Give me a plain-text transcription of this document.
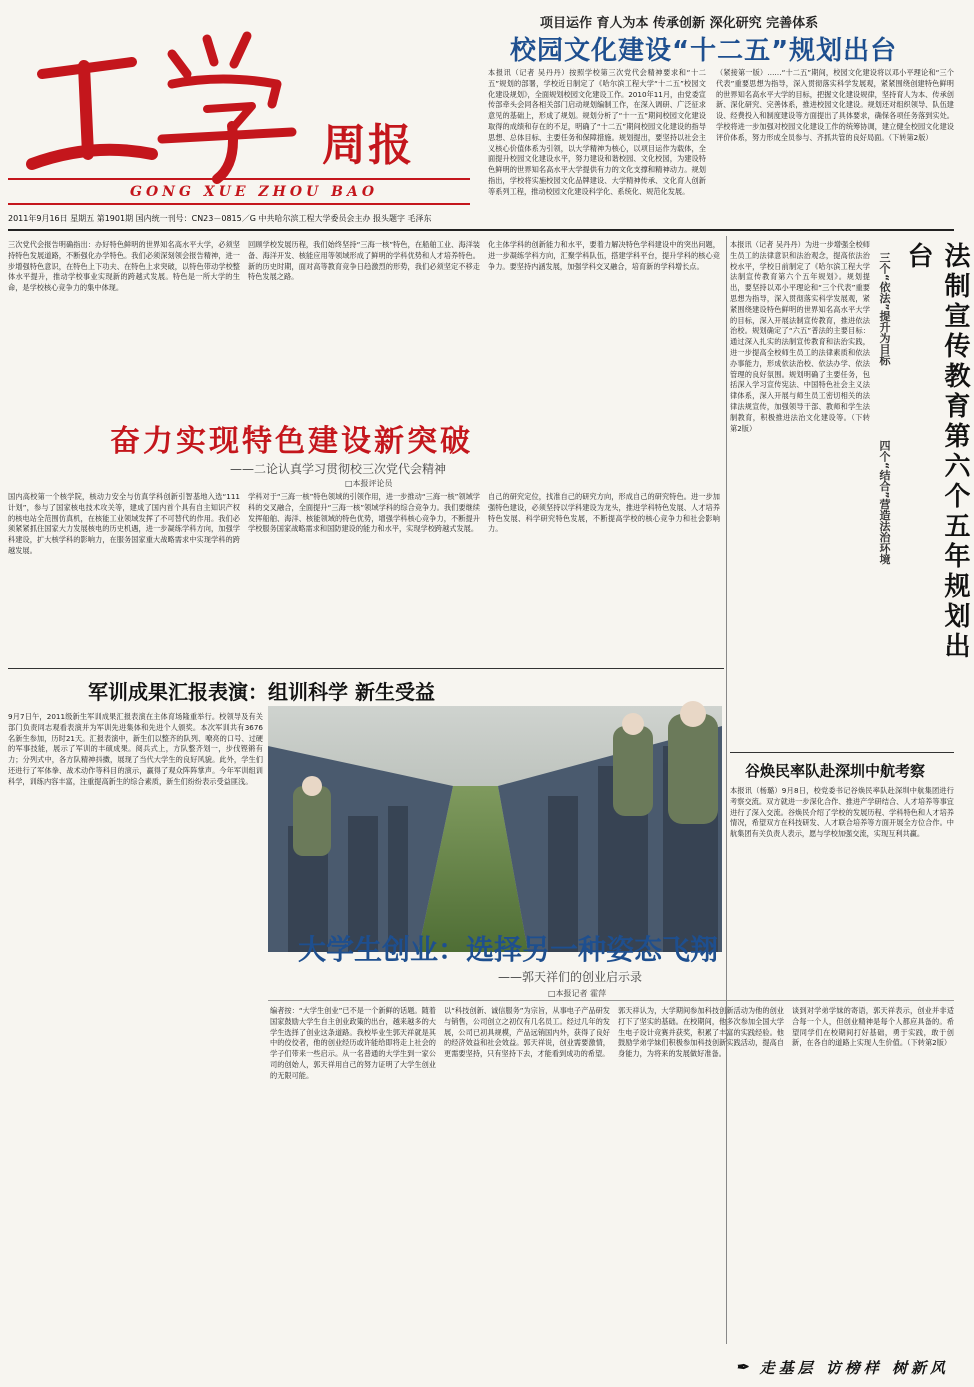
周报
GONG XUE ZHOU BAO
2011年9月16日 星期五 第1901期 国内统一刊号：CN23－0815／G 中共哈尔滨工程大学委员会主办 报头题字 毛泽东
项目运作 育人为本 传承创新 深化研究 完善体系
校园文化建设“十二五”规划出台
本报讯（记者 吴丹丹）按照学校第三次党代会精神要求和“十二五”规划的部署，学校近日制定了《哈尔滨工程大学“十二五”校园文化建设规划》，全面规划校园文化建设工作。2010年11月，由党委宣传部牵头会同各相关部门启动规划编制工作，在深入调研、广泛征求意见的基础上，形成了规划。规划分析了“十一五”期间校园文化建设取得的成绩和存在的不足，明确了“十二五”期间校园文化建设的指导思想、总体目标、主要任务和保障措施。规划提出，要坚持以社会主义核心价值体系为引领，以大学精神为核心，以项目运作为载体，全面提升校园文化建设水平，努力建设和谐校园、文化校园，为建设特色鲜明的世界知名高水平大学提供有力的文化支撑和精神动力。规划指出，学校将实施校园文化品牌建设、大学精神传承、文化育人创新等系列工程，推动校园文化建设科学化、系统化、规范化发展。
（紧接第一版）……“十二五”期间，校园文化建设将以邓小平理论和“三个代表”重要思想为指导，深入贯彻落实科学发展观，紧紧围绕创建特色鲜明的世界知名高水平大学的目标，把握文化建设规律，坚持育人为本、传承创新、深化研究、完善体系，推进校园文化建设。规划还对组织领导、队伍建设、经费投入和制度建设等方面提出了具体要求，确保各项任务落到实处。学校将进一步加强对校园文化建设工作的统筹协调，建立健全校园文化建设评价体系，努力形成全员参与、齐抓共管的良好局面。（下转第2版）
三次党代会报告明确指出：办好特色鲜明的世界知名高水平大学，必须坚持特色发展道路，不断强化办学特色。我们必须深刻领会报告精神，进一步增强特色意识，在特色上下功夫、在特色上求突破，以特色带动学校整体水平提升，推动学校事业实现新的跨越式发展。特色是一所大学的生命，是学校核心竞争力的集中体现。
回顾学校发展历程，我们始终坚持“三海一核”特色，在船舶工业、海洋装备、海洋开发、核能应用等领域形成了鲜明的学科优势和人才培养特色。新的历史时期，面对高等教育竞争日趋激烈的形势，我们必须坚定不移走特色发展之路。
化主体学科的创新能力和水平，要着力解决特色学科建设中的突出问题，进一步凝练学科方向，汇聚学科队伍，搭建学科平台，提升学科的核心竞争力。要坚持内涵发展，加强学科交叉融合，培育新的学科增长点。
奋力实现特色建设新突破
——二论认真学习贯彻校三次党代会精神
□本报评论员
国内高校第一个核学院，核动力安全与仿真学科创新引智基地入选“111计划”，参与了国家核电技术攻关等，建成了国内首个具有自主知识产权的核电站全范围仿真机，在核能工业领域发挥了不可替代的作用。我们必须紧紧抓住国家大力发展核电的历史机遇，进一步凝练学科方向，加强学科建设，扩大核学科的影响力，在服务国家重大战略需求中实现学科的跨越发展。
学科对于“三海一核”特色领域的引领作用，进一步推动“三海一核”领域学科的交叉融合，全面提升“三海一核”领域学科的综合竞争力。我们要继续发挥船舶、海洋、核能领域的特色优势，增强学科核心竞争力，不断提升学校服务国家战略需求和国防建设的能力和水平，实现学校跨越式发展。
自己的研究定位，找准自己的研究方向，形成自己的研究特色。进一步加强特色建设，必须坚持以学科建设为龙头，推进学科特色发展、人才培养特色发展、科学研究特色发展，不断提高学校的核心竞争力和社会影响力。
军训成果汇报表演：组训科学 新生受益
9月7日午，2011级新生军训成果汇报表演在主体育场隆重举行。校领导及有关部门负责同志观看表演并为军训先进集体和先进个人颁奖。本次军训共有3676名新生参加，历时21天。汇报表演中，新生们以整齐的队列、嘹亮的口号、过硬的军事技能，展示了军训的丰硕成果。阅兵式上，方队整齐划一，步伐铿锵有力；分列式中，各方队精神抖擞，展现了当代大学生的良好风貌。此外，学生们还进行了军体拳、战术动作等科目的演示，赢得了观众阵阵掌声。今年军训组训科学，训练内容丰富，注重提高新生的综合素质，新生们纷纷表示受益匪浅。
法制宣传教育第六个五年规划出台
三个“依法”提升为目标
四个“结合”营造法治环境
本报讯（记者 吴丹丹）为进一步增强全校师生员工的法律意识和法治观念，提高依法治校水平，学校日前制定了《哈尔滨工程大学法制宣传教育第六个五年规划》。规划提出，要坚持以邓小平理论和“三个代表”重要思想为指导，深入贯彻落实科学发展观，紧紧围绕建设特色鲜明的世界知名高水平大学的目标，深入开展法制宣传教育，推进依法治校。规划确定了“六五”普法的主要目标：通过深入扎实的法制宣传教育和法治实践，进一步提高全校师生员工的法律素质和依法办事能力，形成依法治校、依法办学、依法管理的良好氛围。规划明确了主要任务，包括深入学习宣传宪法、中国特色社会主义法律体系，深入开展与师生员工密切相关的法律法规宣传，加强领导干部、教师和学生法制教育，积极推进法治文化建设等。（下转第2版）
谷焕民率队赴深圳中航考察
本报讯（杨璐）9月8日，校党委书记谷焕民率队赴深圳中航集团进行考察交流。双方就进一步深化合作、推进产学研结合、人才培养等事宜进行了深入交流。谷焕民介绍了学校的发展历程、学科特色和人才培养情况，希望双方在科技研发、人才联合培养等方面开展全方位合作。中航集团有关负责人表示，愿与学校加强交流，实现互利共赢。
大学生创业：选择另一种姿态飞翔
——郭天祥们的创业启示录
□本报记者 霍萍
编者按：“大学生创业”已不是一个新鲜的话题。随着国家鼓励大学生自主创业政策的出台，越来越多的大学生选择了创业这条道路。我校毕业生郭天祥就是其中的佼佼者，他的创业经历或许能给即将走上社会的学子们带来一些启示。从一名普通的大学生到一家公司的创始人，郭天祥用自己的努力证明了大学生创业的无限可能。
以“科技创新、诚信服务”为宗旨，从事电子产品研发与销售，公司创立之初仅有几名员工。经过几年的发展，公司已初具规模，产品远销国内外，获得了良好的经济效益和社会效益。郭天祥说，创业需要激情，更需要坚持，只有坚持下去，才能看到成功的希望。
郭天祥认为，大学期间参加科技创新活动为他的创业打下了坚实的基础。在校期间，他多次参加全国大学生电子设计竞赛并获奖，积累了丰富的实践经验。他鼓励学弟学妹们积极参加科技创新实践活动，提高自身能力，为将来的发展做好准备。
谈到对学弟学妹的寄语，郭天祥表示，创业并非适合每一个人，但创业精神是每个人都应具备的。希望同学们在校期间打好基础，勇于实践，敢于创新，在各自的道路上实现人生价值。（下转第2版）
✒ 走基层 访榜样 树新风
